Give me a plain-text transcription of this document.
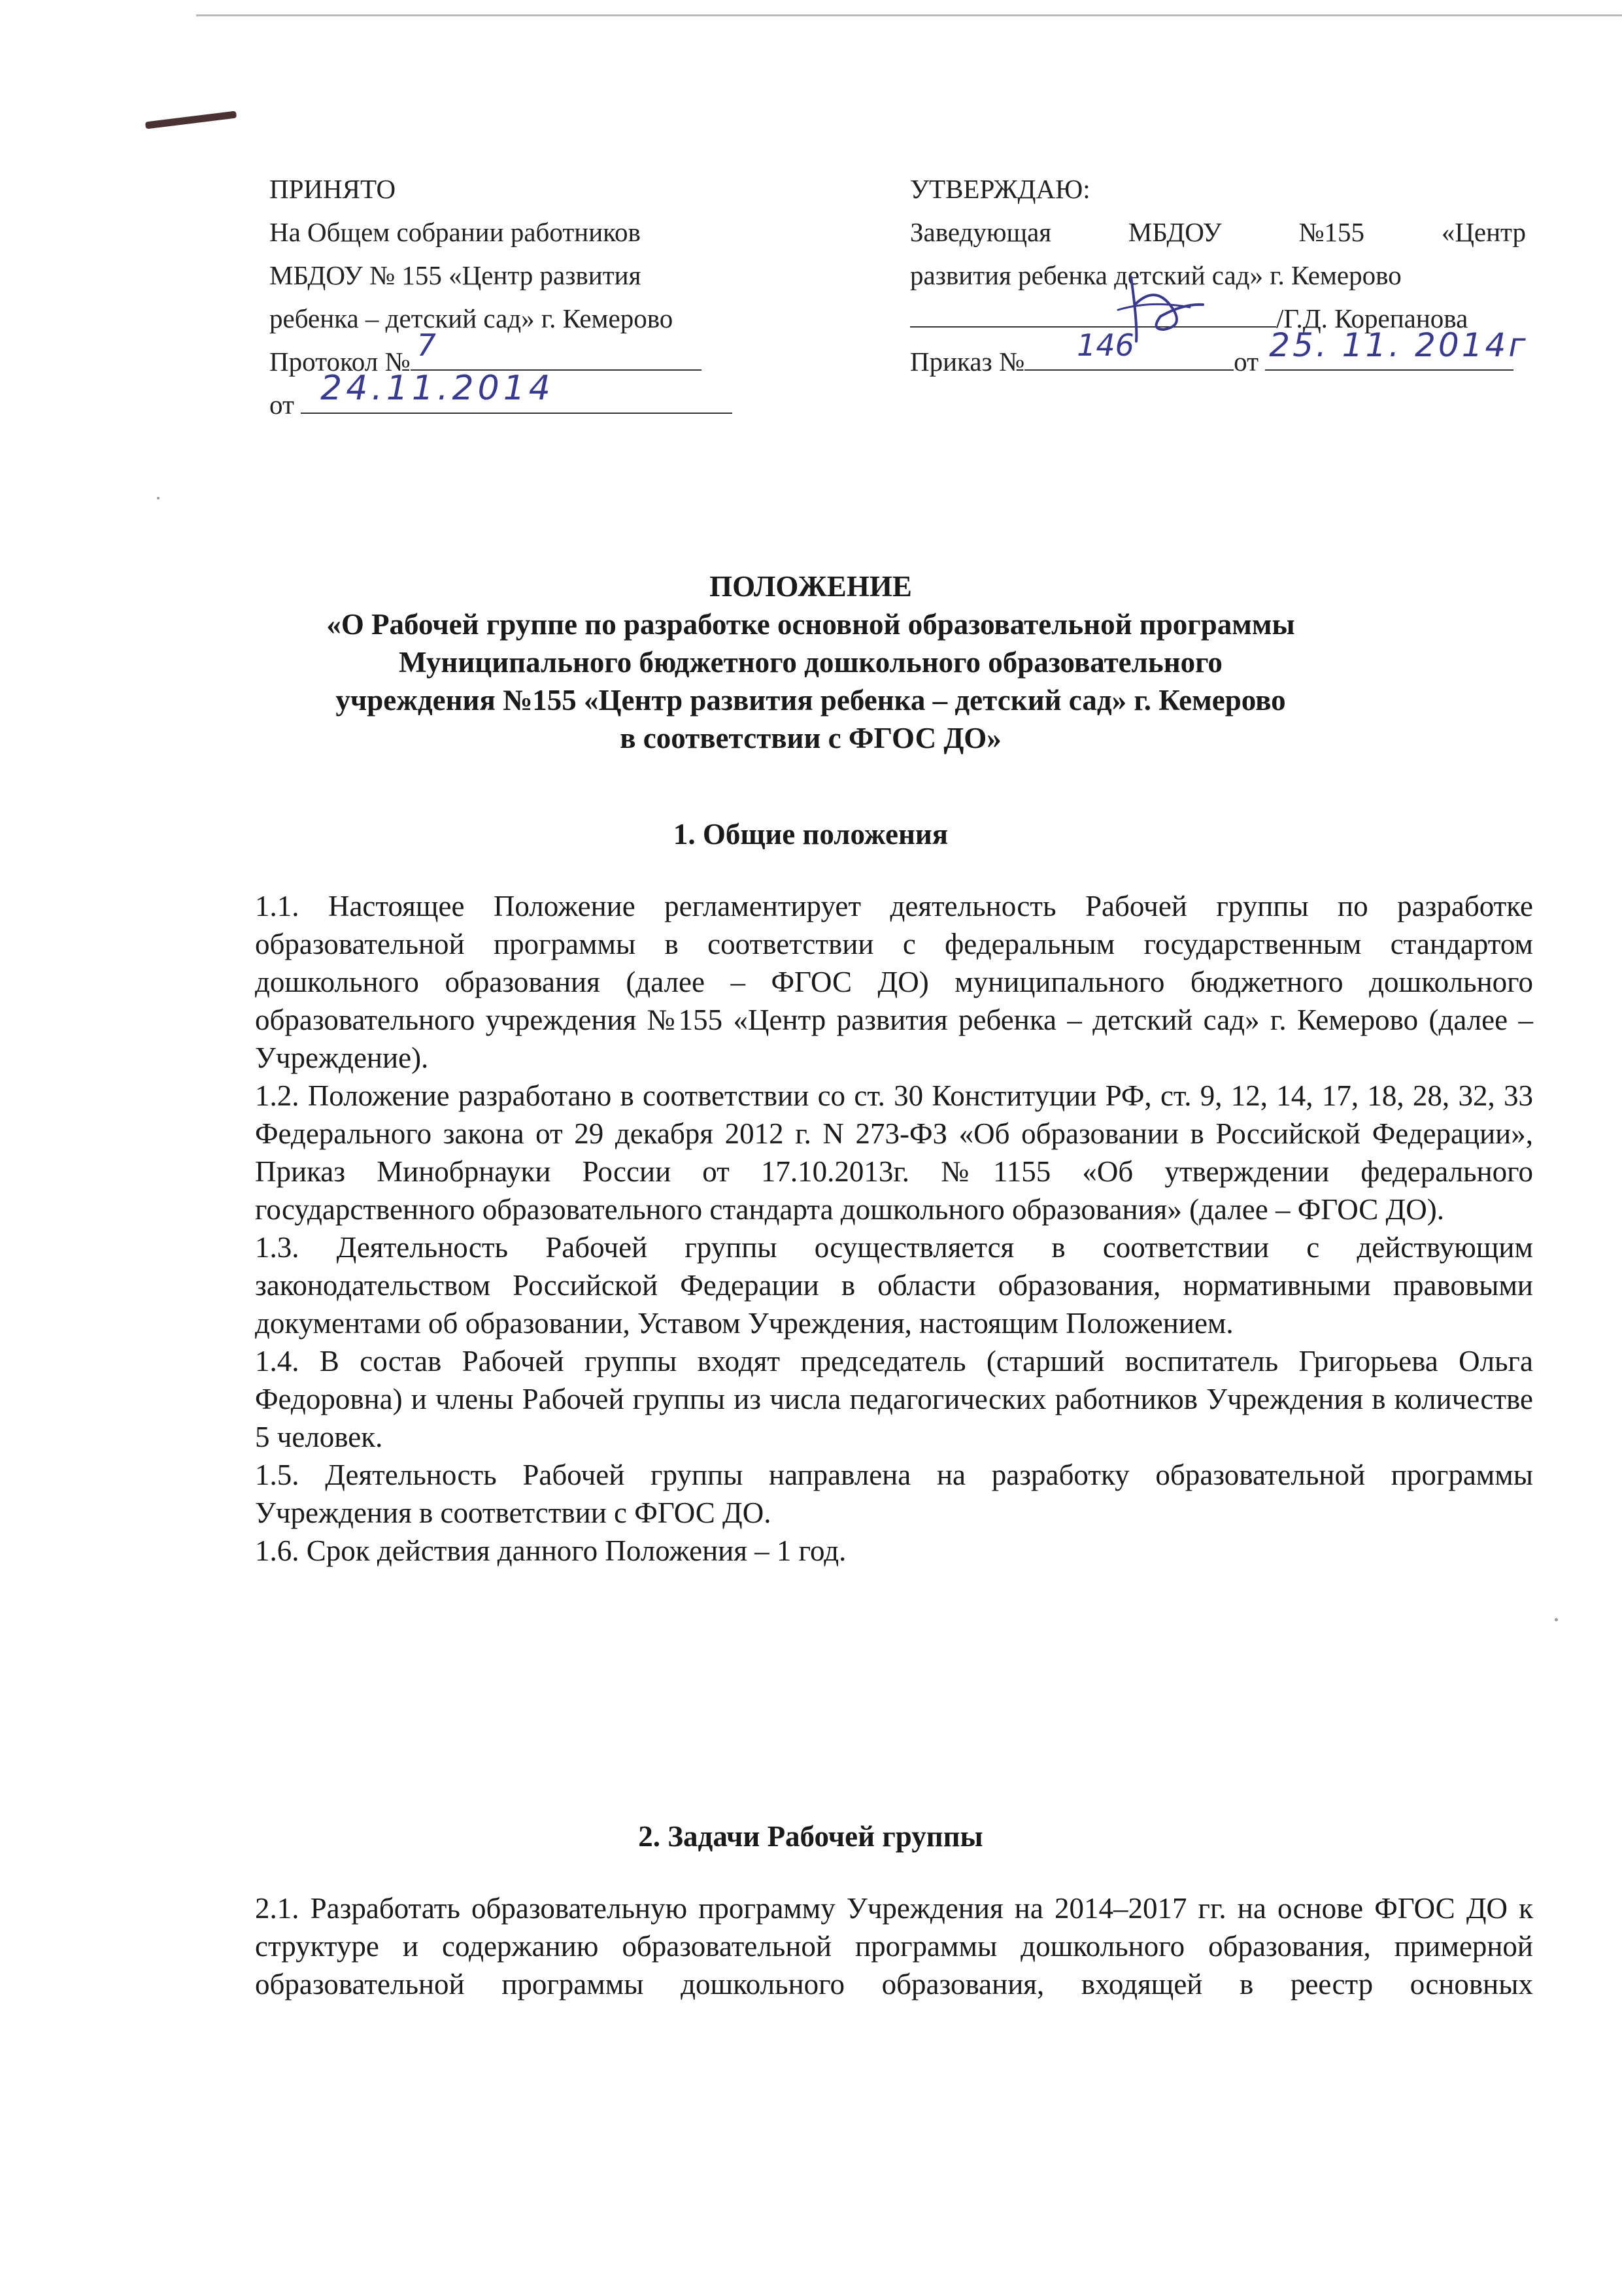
ПРИНЯТО
На Общем собрании работников
МБДОУ № 155 «Центр развития
ребенка – детский сад» г. Кемерово
Протокол № 7
от 24.11.2014
УТВЕРЖДАЮ:
Заведующая	МБДОУ	№155	«Центр
развития ребенка детский сад» г. Кемерово
/Г.Д. Корепанова
Приказ № 146	от 25. 11. 2014г
ПОЛОЖЕНИЕ
«О Рабочей группе по разработке основной образовательной программы
Муниципального бюджетного дошкольного образовательного
учреждения №155 «Центр развития ребенка – детский сад» г. Кемерово
в соответствии с ФГОС ДО»
1. Общие положения

1.1. Настоящее Положение регламентирует деятельность Рабочей группы по разработке образовательной программы в соответствии с федеральным государственным стандартом дошкольного образования (далее – ФГОС ДО) муниципального бюджетного дошкольного образовательного учреждения №155 «Центр развития ребенка – детский сад» г. Кемерово (далее – Учреждение).

1.2. Положение разработано в соответствии со ст. 30 Конституции РФ, ст. 9, 12, 14, 17, 18, 28, 32, 33 Федерального закона от 29 декабря 2012 г. N 273-ФЗ «Об образовании в Российской Федерации», Приказ Минобрнауки России от 17.10.2013г. №1155 «Об утверждении федерального государственного образовательного стандарта дошкольного образования» (далее – ФГОС ДО).

1.3. Деятельность Рабочей группы осуществляется в соответствии с действующим законодательством Российской Федерации в области образования, нормативными правовыми документами об образовании, Уставом Учреждения, настоящим Положением.

1.4. В состав Рабочей группы входят председатель (старший воспитатель Григорьева Ольга Федоровна) и члены Рабочей группы из числа педагогических работников Учреждения в количестве 5 человек.

1.5. Деятельность Рабочей группы направлена на разработку образовательной программы Учреждения в соответствии с ФГОС ДО.

1.6. Срок действия данного Положения – 1 год.

2. Задачи Рабочей группы

2.1. Разработать образовательную программу Учреждения на 2014–2017 гг. на основе ФГОС ДО к структуре и содержанию образовательной программы дошкольного образования, примерной образовательной программы дошкольного образования, входящей в реестр основных
